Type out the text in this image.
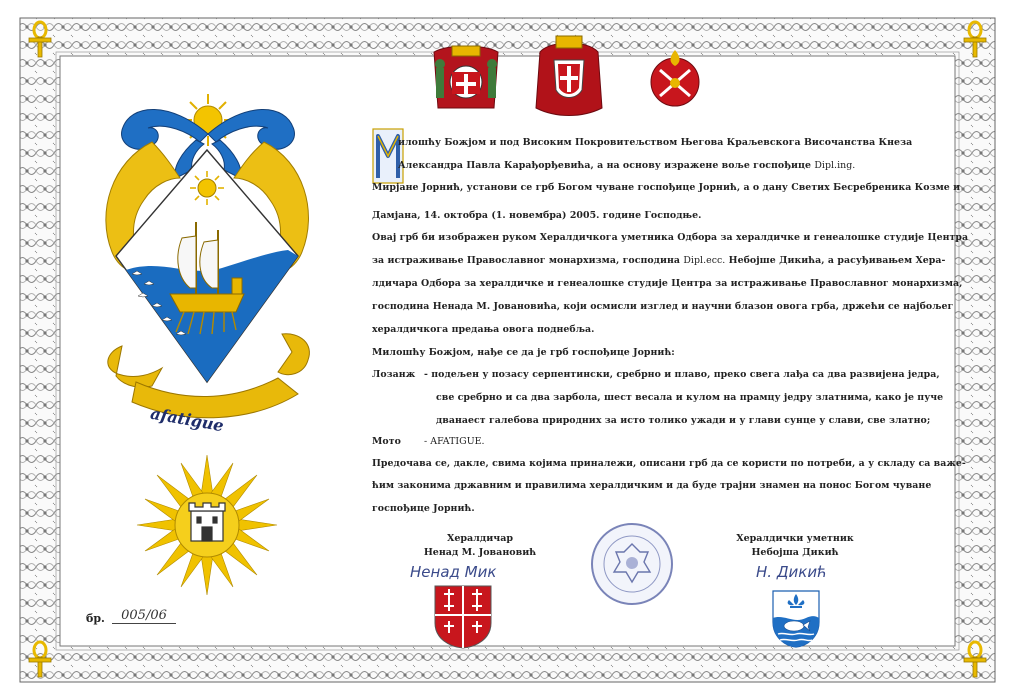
afatigue
илошћу Божјом и под Високим Покровитељством Његова Краљевскога Височанства Кнеза
Александра Павла Карађорђевића, а на основу изражене воље госпођице Dipl.ing.
Мирјане Јорнић, установи се грб Богом чуване госпођице Јорнић, а о дану Светих Бесребреника Козме и
Дамјана, 14. октобра (1. новембра) 2005. године Господње.
Овај грб би изображен руком Хералдичкога уметника Одбора за хералдичке и генеалошке студије Центра
за истраживање Православног монархизма, господина Dipl.ecc. Небојше Дикића, а расуђивањем Хера-
лдичара Одбора за хералдичке и генеалошке студије Центра за истраживање Православног монархизма,
господина Ненада М. Јовановића, који осмисли изглед и научни блазон овога грба, држећи се најбољег
хералдичкога предања овога поднебља.
Милошћу Божјом, нађе се да је грб госпођице Јорнић:
Лозанж - подељен у позасу серпентински, сребрно и плаво, преко свега лађа са два развијена једра,
све сребрно и са два зарбола, шест весала и кулом на прамцу једру златнима, како је пуче
дванаест галебова природних за исто толико ужади и у глави сунце у слави, све златно;
Мото - AFATIGUE.
Предочава се, дакле, свима којима приналежи, описани грб да се користи по потреби, а у складу са важе-
ћим законима државним и правилима хералдичким и да буде трајни знамен на понос Богом чуване
госпођице Јорнић.
Хералдичар
Ненад М. Јовановић
Ненад Мик
Хералдички уметник
Небојша Дикић
Н. Дикић
бр.	005/06
